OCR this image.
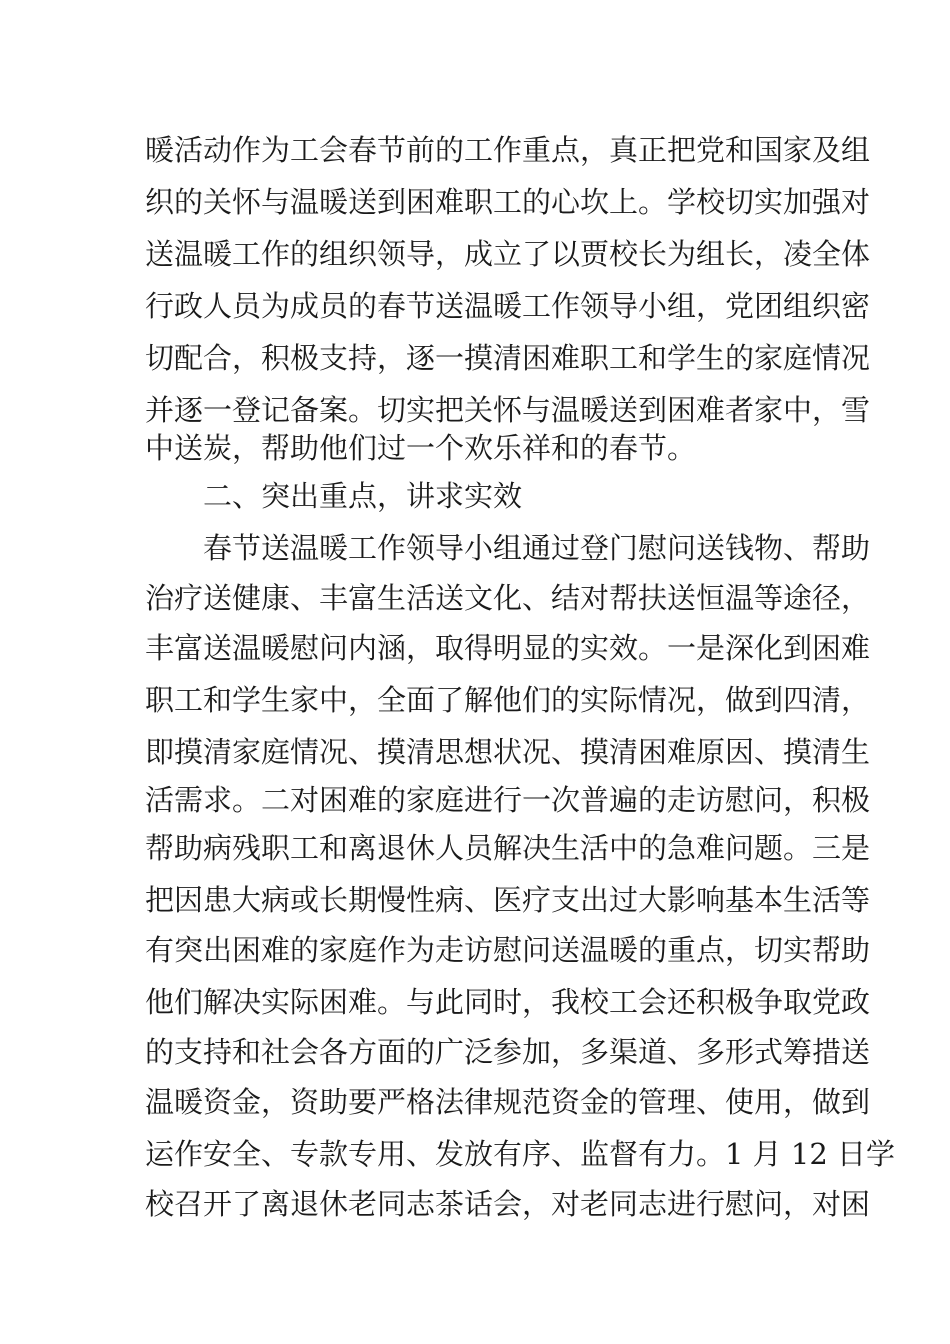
暖活动作为工会春节前的工作重点，真正把党和国家及组
织的关怀与温暖送到困难职工的心坎上。学校切实加强对
送温暖工作的组织领导，成立了以贾校长为组长，凌全体
行政人员为成员的春节送温暖工作领导小组，党团组织密
切配合，积极支持，逐一摸清困难职工和学生的家庭情况
并逐一登记备案。切实把关怀与温暖送到困难者家中，雪
中送炭，帮助他们过一个欢乐祥和的春节。
二、突出重点，讲求实效
春节送温暖工作领导小组通过登门慰问送钱物、帮助
治疗送健康、丰富生活送文化、结对帮扶送恒温等途径，
丰富送温暖慰问内涵，取得明显的实效。一是深化到困难
职工和学生家中，全面了解他们的实际情况，做到四清，
即摸清家庭情况、摸清思想状况、摸清困难原因、摸清生
活需求。二对困难的家庭进行一次普遍的走访慰问，积极
帮助病残职工和离退休人员解决生活中的急难问题。三是
把因患大病或长期慢性病、医疗支出过大影响基本生活等
有突出困难的家庭作为走访慰问送温暖的重点，切实帮助
他们解决实际困难。与此同时，我校工会还积极争取党政
的支持和社会各方面的广泛参加，多渠道、多形式筹措送
温暖资金，资助要严格法律规范资金的管理、使用，做到
运作安全、专款专用、发放有序、监督有力。1 月 12 日学
校召开了离退休老同志茶话会，对老同志进行慰问，对困
